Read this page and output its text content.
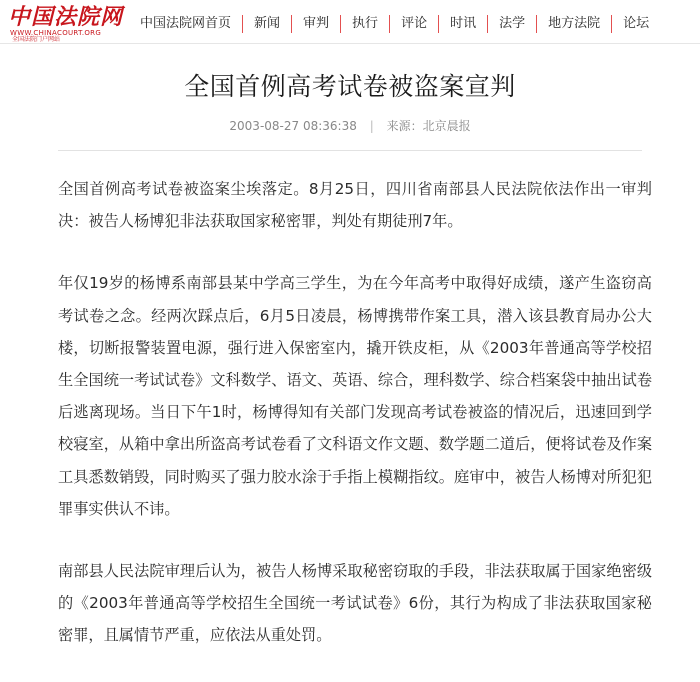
中国法院网
WWW.CHINACOURT.ORG
全国法院门户网站
中国法院网首页	新闻	审判	执行	评论	时讯	法学	地方法院	论坛
全国首例高考试卷被盗案宣判
2003-08-27 08:36:38 | 来源：北京晨报

全国首例高考试卷被盗案尘埃落定。8月25日，四川省南部县人民法院依法作出一审判决：被告人杨博犯非法获取国家秘密罪，判处有期徒刑7年。

年仅19岁的杨博系南部县某中学高三学生，为在今年高考中取得好成绩，遂产生盗窃高考试卷之念。经两次踩点后，6月5日凌晨，杨博携带作案工具，潜入该县教育局办公大楼，切断报警装置电源，强行进入保密室内，撬开铁皮柜，从《2003年普通高等学校招生全国统一考试试卷》文科数学、语文、英语、综合，理科数学、综合档案袋中抽出试卷后逃离现场。当日下午1时，杨博得知有关部门发现高考试卷被盗的情况后，迅速回到学校寝室，从箱中拿出所盗高考试卷看了文科语文作文题、数学题二道后，便将试卷及作案工具悉数销毁，同时购买了强力胶水涂于手指上模糊指纹。庭审中，被告人杨博对所犯犯罪事实供认不讳。

南部县人民法院审理后认为，被告人杨博采取秘密窃取的手段，非法获取属于国家绝密级的《2003年普通高等学校招生全国统一考试试卷》6份，其行为构成了非法获取国家秘密罪，且属情节严重，应依法从重处罚。
